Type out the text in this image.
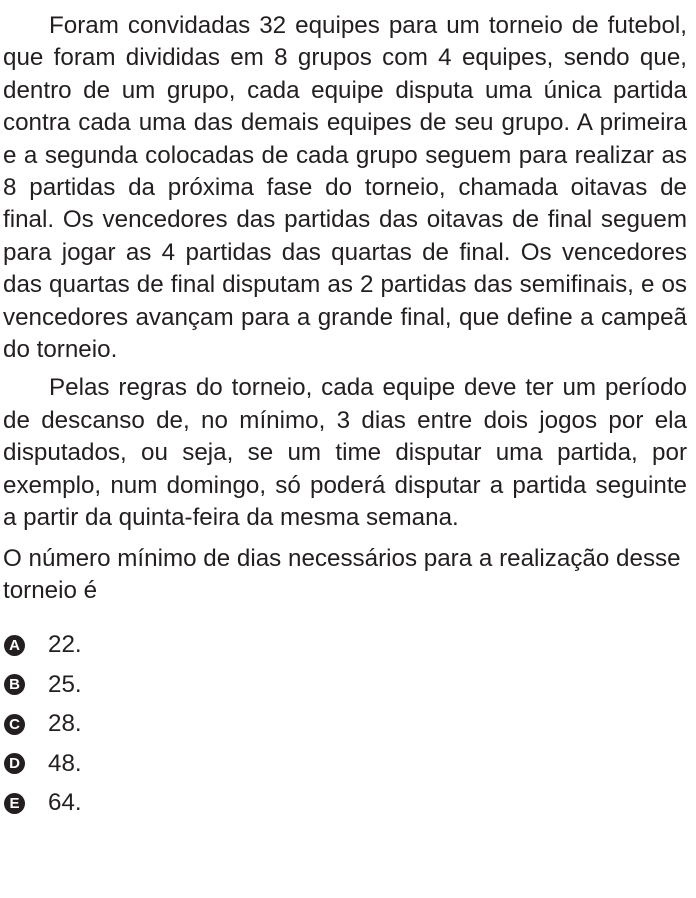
Foram convidadas 32 equipes para um torneio de futebol, que foram divididas em 8 grupos com 4 equipes, sendo que, dentro de um grupo, cada equipe disputa uma única partida contra cada uma das demais equipes de seu grupo. A primeira e a segunda colocadas de cada grupo seguem para realizar as 8 partidas da próxima fase do torneio, chamada oitavas de final. Os vencedores das partidas das oitavas de final seguem para jogar as 4 partidas das quartas de final. Os vencedores das quartas de final disputam as 2 partidas das semifinais, e os vencedores avançam para a grande final, que define a campeã do torneio.

Pelas regras do torneio, cada equipe deve ter um período de descanso de, no mínimo, 3 dias entre dois jogos por ela disputados, ou seja, se um time disputar uma partida, por exemplo, num domingo, só poderá disputar a partida seguinte a partir da quinta-feira da mesma semana.

O número mínimo de dias necessários para a realização desse torneio é

A 22.
B 25.
C 28.
D 48.
E 64.
